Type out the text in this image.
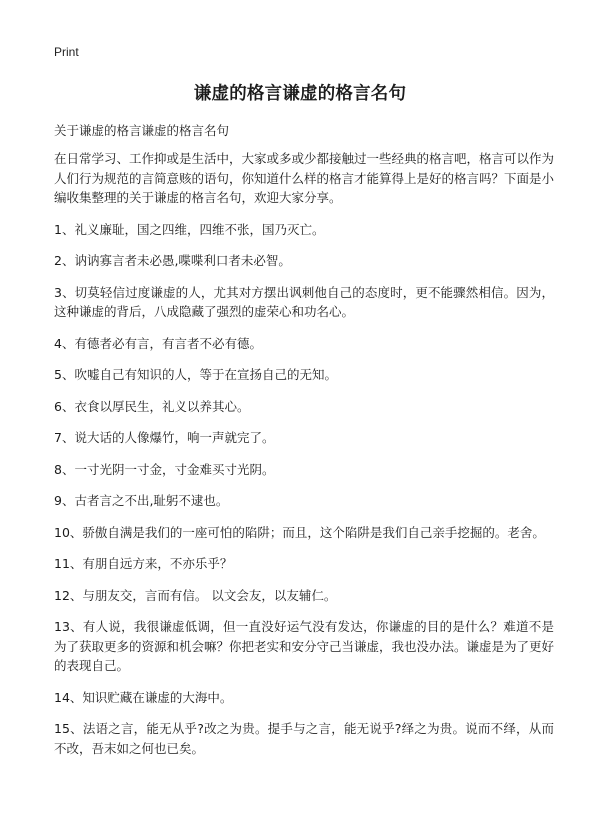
Print
谦虚的格言谦虚的格言名句
关于谦虚的格言谦虚的格言名句

在日常学习、工作抑或是生活中，大家或多或少都接触过一些经典的格言吧，格言可以作为人们行为规范的言简意赅的语句，你知道什么样的格言才能算得上是好的格言吗？下面是小编收集整理的关于谦虚的格言名句，欢迎大家分享。

1、礼义廉耻，国之四维，四维不张，国乃灭亡。

2、讷讷寡言者未必愚,喋喋利口者未必智。

3、切莫轻信过度谦虚的人，尤其对方摆出讽刺他自己的态度时，更不能骤然相信。因为，这种谦虚的背后，八成隐藏了强烈的虚荣心和功名心。

4、有德者必有言，有言者不必有德。

5、吹嘘自己有知识的人，等于在宣扬自己的无知。

6、衣食以厚民生，礼义以养其心。

7、说大话的人像爆竹，响一声就完了。

8、一寸光阴一寸金，寸金难买寸光阴。

9、古者言之不出,耻躬不逮也。

10、骄傲自满是我们的一座可怕的陷阱；而且，这个陷阱是我们自己亲手挖掘的。老舍。

11、有朋自远方来，不亦乐乎？

12、与朋友交，言而有信。 以文会友，以友辅仁。

13、有人说，我很谦虚低调，但一直没好运气没有发达，你谦虚的目的是什么？难道不是为了获取更多的资源和机会嘛？你把老实和安分守己当谦虚，我也没办法。谦虚是为了更好的表现自己。

14、知识贮藏在谦虚的大海中。

15、法语之言，能无从乎?改之为贵。提手与之言，能无说乎?绎之为贵。说而不绎，从而不改，吾末如之何也已矣。
